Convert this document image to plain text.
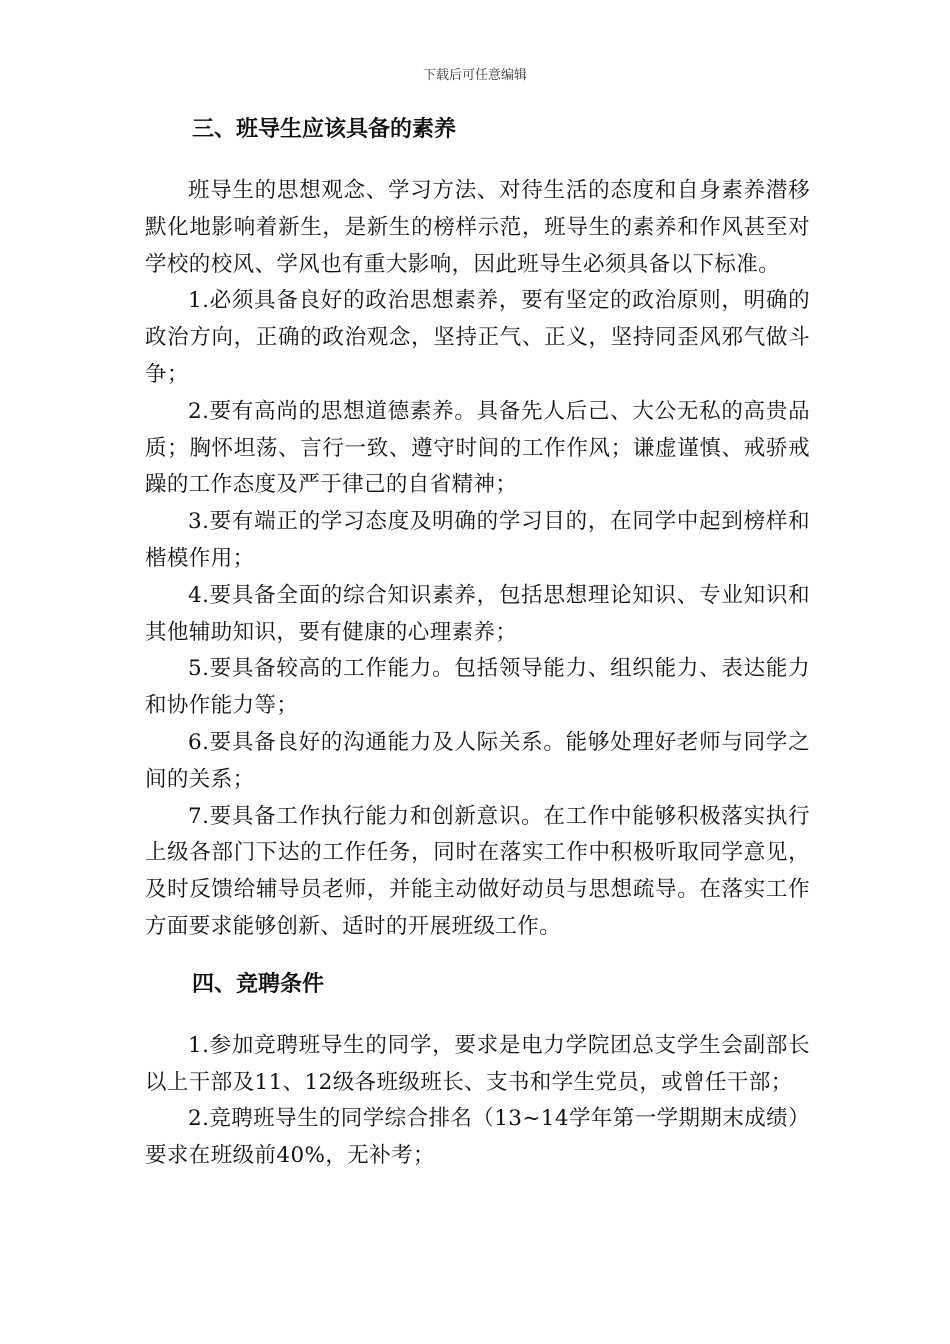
下载后可任意编辑
三、班导生应该具备的素养

班导生的思想观念、学习方法、对待生活的态度和自身素养潜移默化地影响着新生，是新生的榜样示范，班导生的素养和作风甚至对学校的校风、学风也有重大影响，因此班导生必须具备以下标准。

1.必须具备良好的政治思想素养，要有坚定的政治原则，明确的政治方向，正确的政治观念，坚持正气、正义，坚持同歪风邪气做斗争；

2.要有高尚的思想道德素养。具备先人后己、大公无私的高贵品质；胸怀坦荡、言行一致、遵守时间的工作作风；谦虚谨慎、戒骄戒躁的工作态度及严于律己的自省精神；

3.要有端正的学习态度及明确的学习目的，在同学中起到榜样和楷模作用；

4.要具备全面的综合知识素养，包括思想理论知识、专业知识和其他辅助知识，要有健康的心理素养；

5.要具备较高的工作能力。包括领导能力、组织能力、表达能力和协作能力等；

6.要具备良好的沟通能力及人际关系。能够处理好老师与同学之间的关系；

7.要具备工作执行能力和创新意识。在工作中能够积极落实执行上级各部门下达的工作任务，同时在落实工作中积极听取同学意见，及时反馈给辅导员老师，并能主动做好动员与思想疏导。在落实工作方面要求能够创新、适时的开展班级工作。

四、竞聘条件

1.参加竞聘班导生的同学，要求是电力学院团总支学生会副部长以上干部及11、12级各班级班长、支书和学生党员，或曾任干部；

2.竞聘班导生的同学综合排名（13~14学年第一学期期末成绩）要求在班级前40%，无补考；
